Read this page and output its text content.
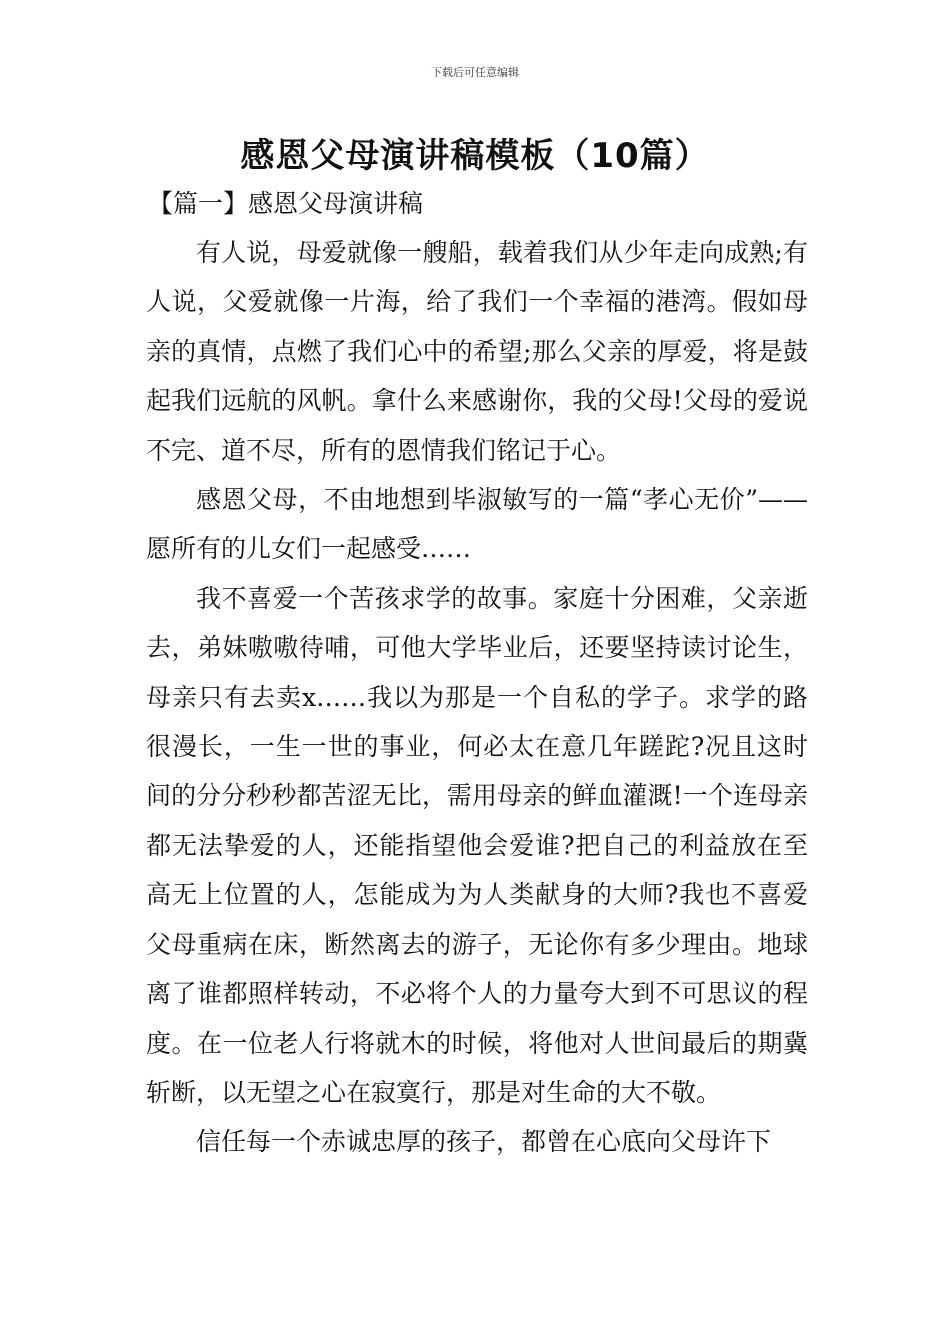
下载后可任意编辑
感恩父母演讲稿模板（10篇）
【篇一】感恩父母演讲稿

有人说，母爱就像一艘船，载着我们从少年走向成熟;有人说，父爱就像一片海，给了我们一个幸福的港湾。假如母亲的真情，点燃了我们心中的希望;那么父亲的厚爱，将是鼓起我们远航的风帆。拿什么来感谢你，我的父母!父母的爱说不完、道不尽，所有的恩情我们铭记于心。

感恩父母，不由地想到毕淑敏写的一篇“孝心无价”——愿所有的儿女们一起感受……

我不喜爱一个苦孩求学的故事。家庭十分困难，父亲逝去，弟妹嗷嗷待哺，可他大学毕业后，还要坚持读讨论生，母亲只有去卖x……我以为那是一个自私的学子。求学的路很漫长，一生一世的事业，何必太在意几年蹉跎?况且这时间的分分秒秒都苦涩无比，需用母亲的鲜血灌溉!一个连母亲都无法挚爱的人，还能指望他会爱谁?把自己的利益放在至高无上位置的人，怎能成为为人类献身的大师?我也不喜爱父母重病在床，断然离去的游子，无论你有多少理由。地球离了谁都照样转动，不必将个人的力量夸大到不可思议的程度。在一位老人行将就木的时候，将他对人世间最后的期冀斩断，以无望之心在寂寞行，那是对生命的大不敬。

信任每一个赤诚忠厚的孩子，都曾在心底向父母许下
